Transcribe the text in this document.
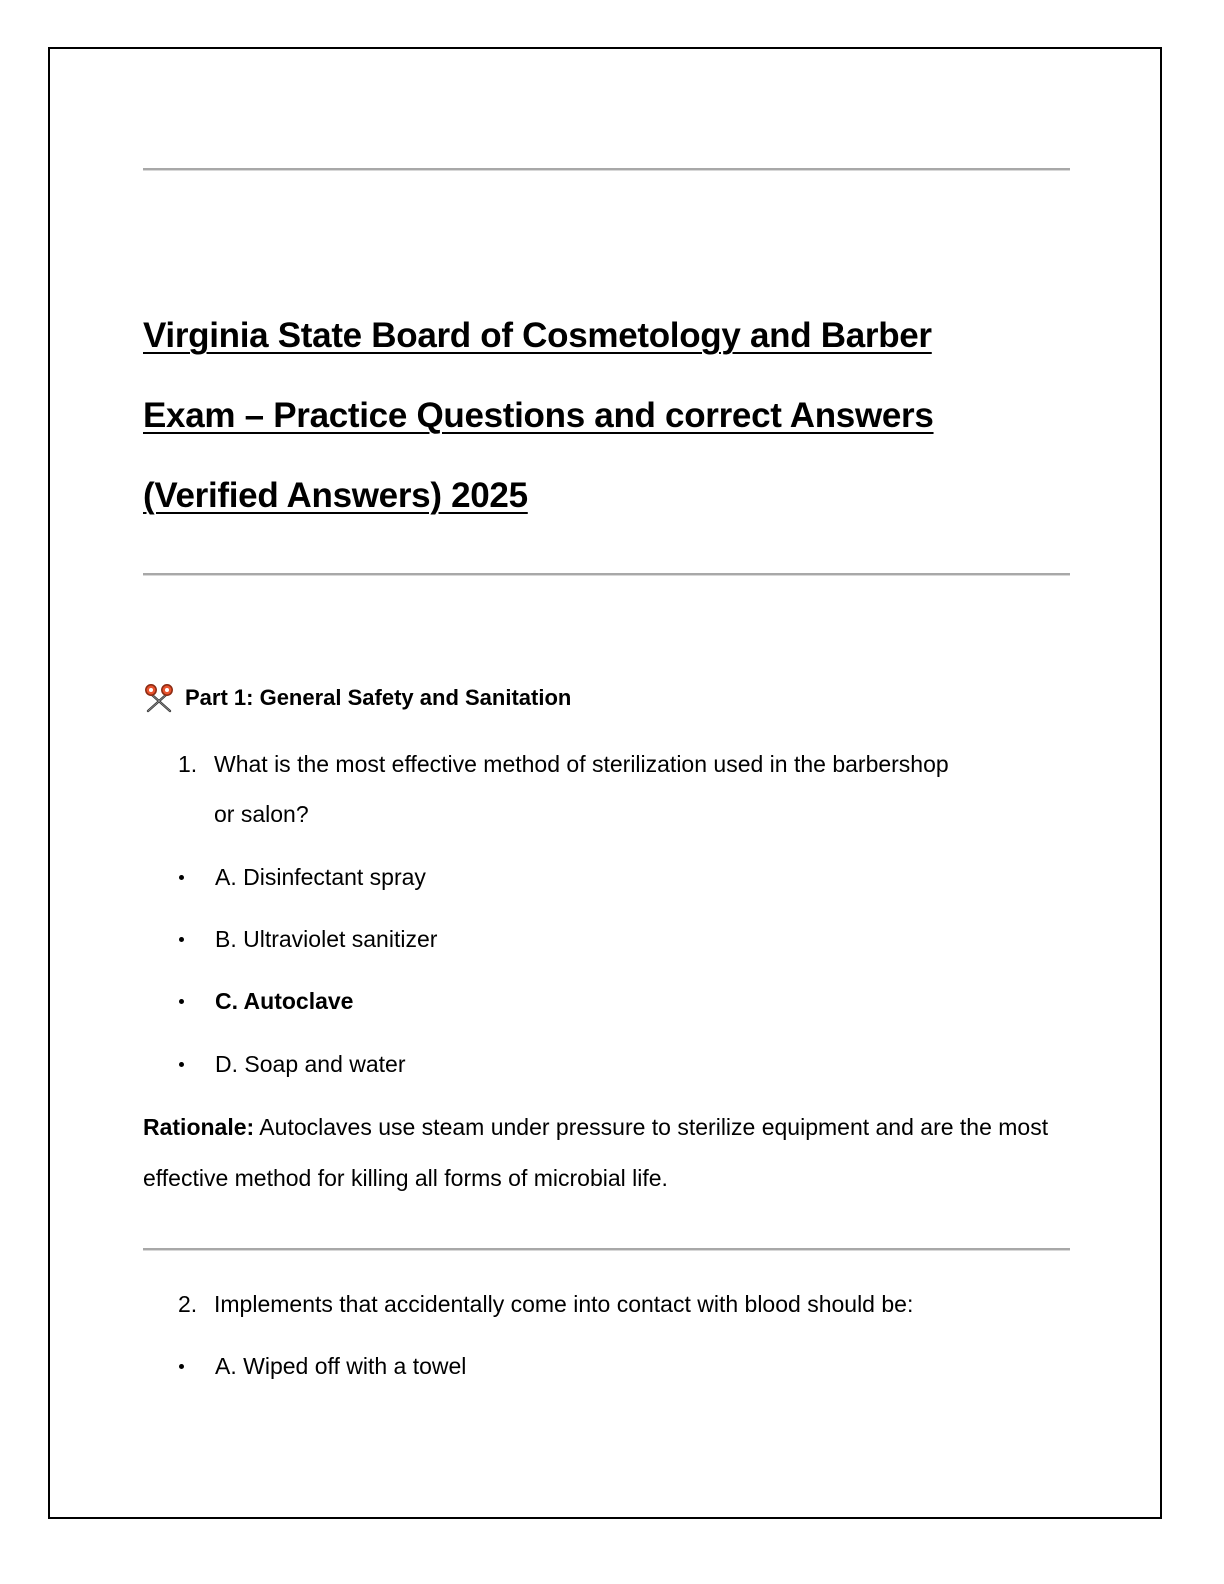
Virginia State Board of Cosmetology and Barber
Exam – Practice Questions and correct Answers
(Verified Answers) 2025
Part 1: General Safety and Sanitation
1. What is the most effective method of sterilization used in the barbershop
or salon?
A. Disinfectant spray
B. Ultraviolet sanitizer
C. Autoclave
D. Soap and water
Rationale: Autoclaves use steam under pressure to sterilize equipment and are the most effective method for killing all forms of microbial life.
2. Implements that accidentally come into contact with blood should be:
A. Wiped off with a towel
